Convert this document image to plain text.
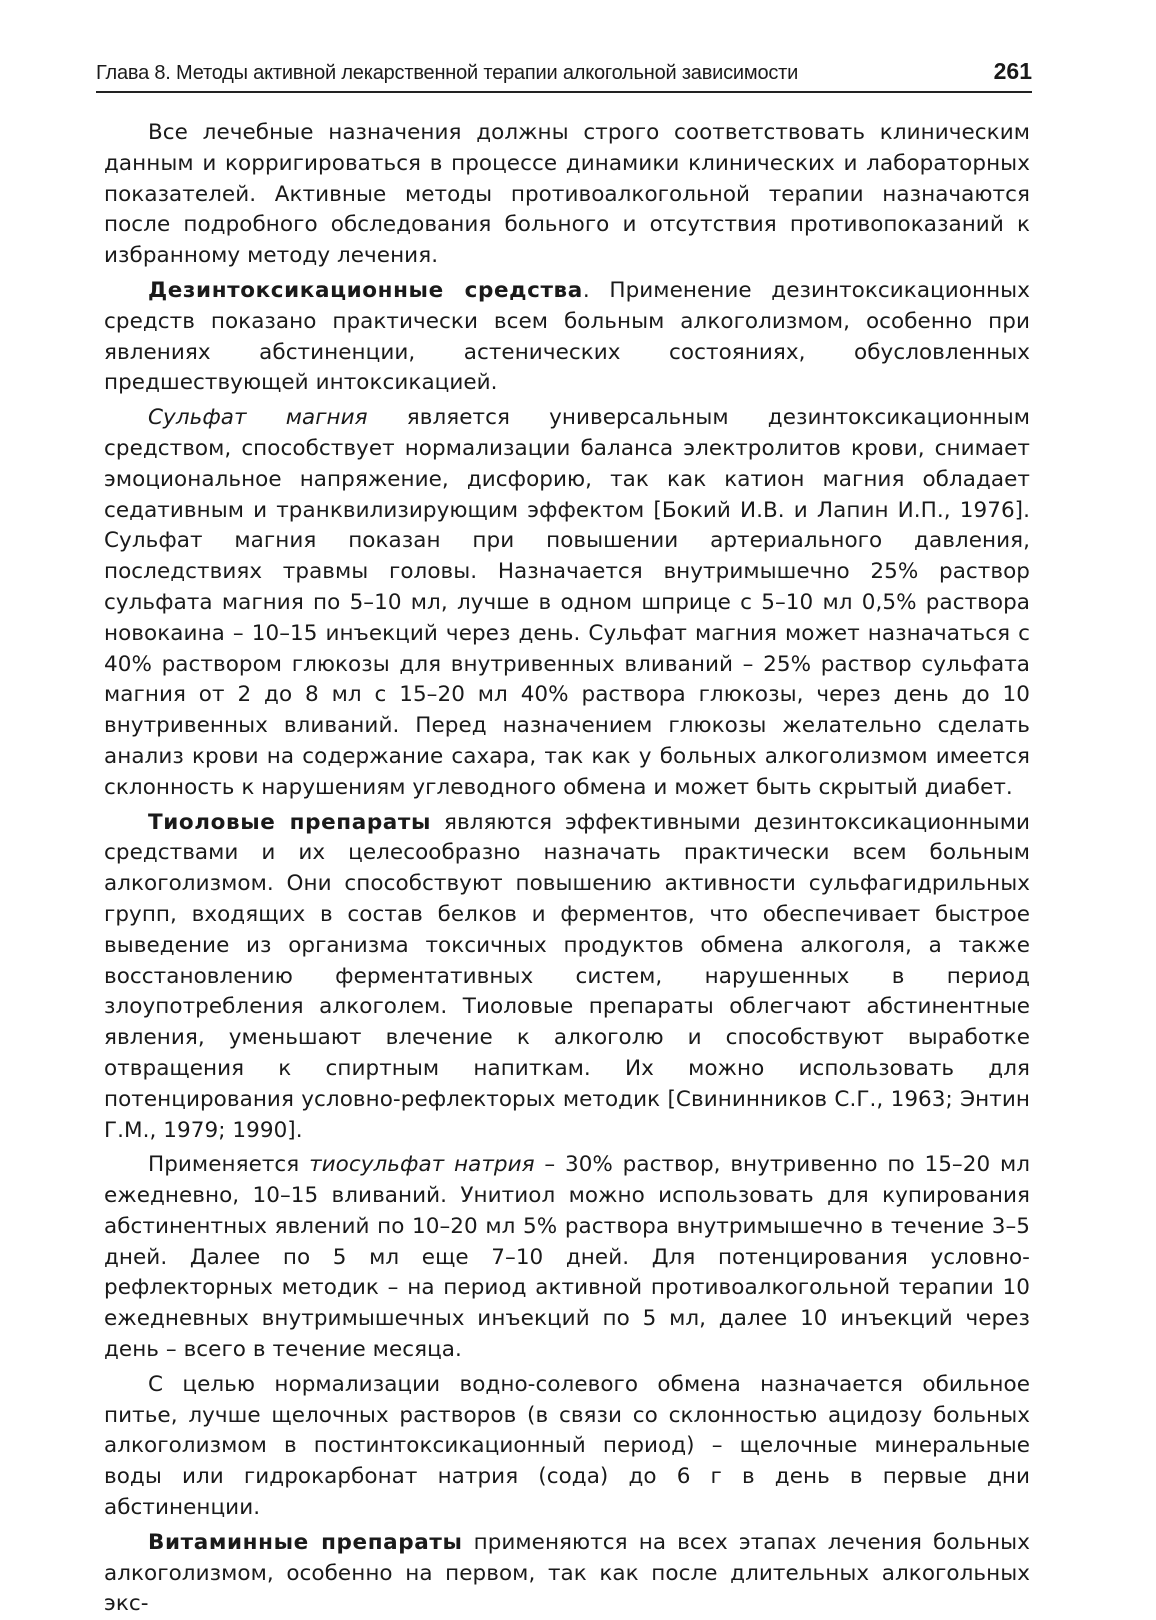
Глава 8. Методы активной лекарственной терапии алкогольной зависимости	261

Все лечебные назначения должны строго соответствовать клиническим данным и корригироваться в процессе динамики клинических и лабораторных показателей. Активные методы противоалкогольной терапии назначаются после подробного обследования больного и отсутствия противопоказаний к избранному методу лечения.

Дезинтоксикационные средства. Применение дезинтоксикационных средств показано практически всем больным алкоголизмом, особенно при явлениях абстиненции, астенических состояниях, обусловленных предшествующей интоксикацией.

Сульфат магния является универсальным дезинтоксикационным средством, способствует нормализации баланса электролитов крови, снимает эмоциональное напряжение, дисфорию, так как катион магния обладает седативным и транквилизирующим эффектом [Бокий И.В. и Лапин И.П., 1976]. Сульфат магния показан при повышении артериального давления, последствиях травмы головы. Назначается внутримышечно 25% раствор сульфата магния по 5–10 мл, лучше в одном шприце с 5–10 мл 0,5% раствора новокаина – 10–15 инъекций через день. Сульфат магния может назначаться с 40% раствором глюкозы для внутривенных вливаний – 25% раствор сульфата магния от 2 до 8 мл с 15–20 мл 40% раствора глюкозы, через день до 10 внутривенных вливаний. Перед назначением глюкозы желательно сделать анализ крови на содержание сахара, так как у больных алкоголизмом имеется склонность к нарушениям углеводного обмена и может быть скрытый диабет.

Тиоловые препараты являются эффективными дезинтоксикационными средствами и их целесообразно назначать практически всем больным алкоголизмом. Они способствуют повышению активности сульфагидрильных групп, входящих в состав белков и ферментов, что обеспечивает быстрое выведение из организма токсичных продуктов обмена алкоголя, а также восстановлению ферментативных систем, нарушенных в период злоупотребления алкоголем. Тиоловые препараты облегчают абстинентные явления, уменьшают влечение к алкоголю и способствуют выработке отвращения к спиртным напиткам. Их можно использовать для потенцирования условно-рефлекторых методик [Свининников С.Г., 1963; Энтин Г.М., 1979; 1990].

Применяется тиосульфат натрия – 30% раствор, внутривенно по 15–20 мл ежедневно, 10–15 вливаний. Унитиол можно использовать для купирования абстинентных явлений по 10–20 мл 5% раствора внутримышечно в течение 3–5 дней. Далее по 5 мл еще 7–10 дней. Для потенцирования условно-рефлекторных методик – на период активной противоалкогольной терапии 10 ежедневных внутримышечных инъекций по 5 мл, далее 10 инъекций через день – всего в течение месяца.

С целью нормализации водно-солевого обмена назначается обильное питье, лучше щелочных растворов (в связи со склонностью ацидозу больных алкоголизмом в постинтоксикационный период) – щелочные минеральные воды или гидрокарбонат натрия (сода) до 6 г в день в первые дни абстиненции.

Витаминные препараты применяются на всех этапах лечения больных алкоголизмом, особенно на первом, так как после длительных алкогольных экс-
